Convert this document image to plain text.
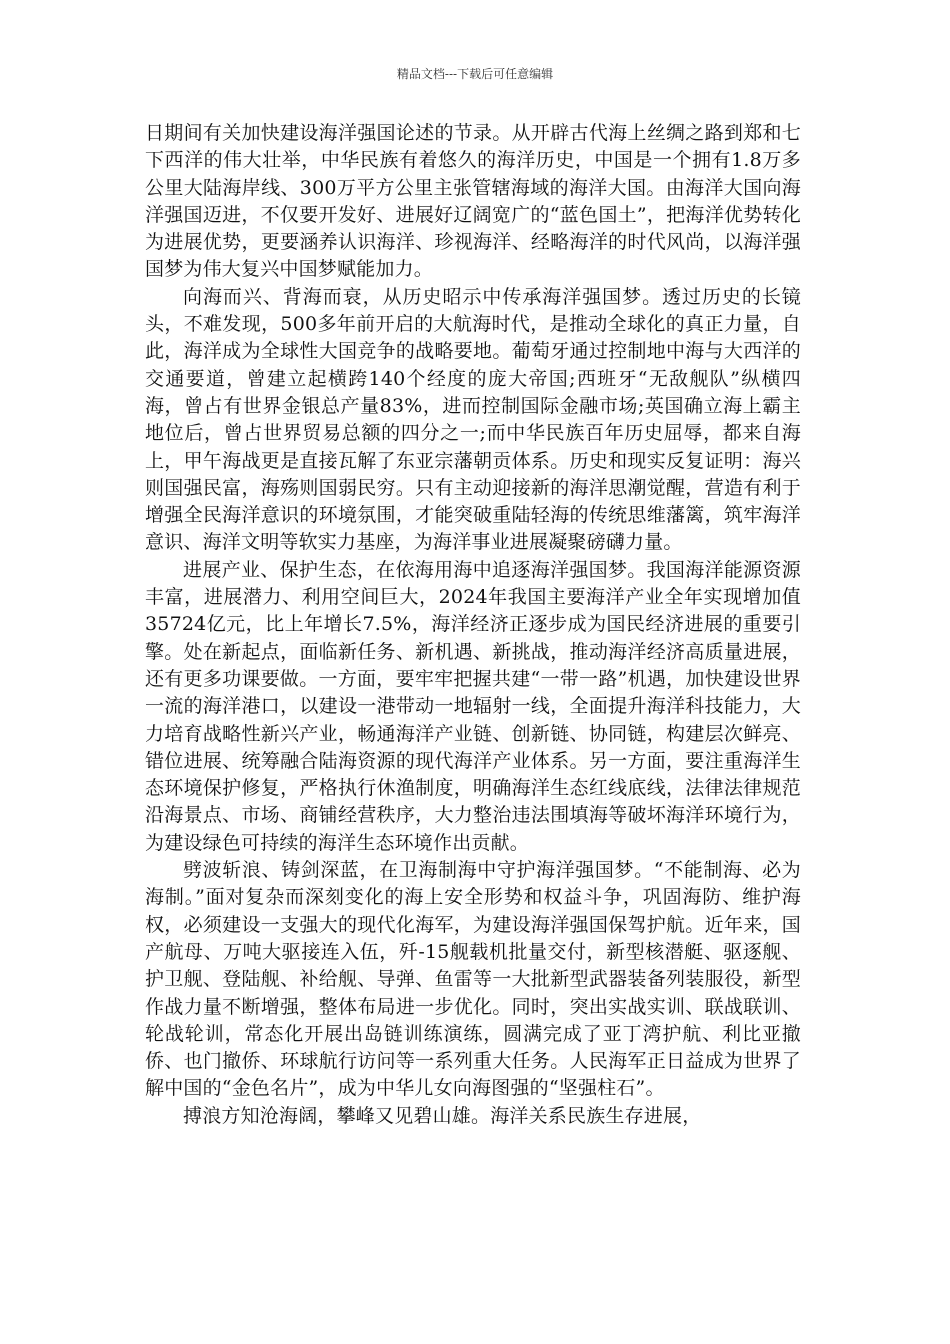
精品文档---下载后可任意编辑

日期间有关加快建设海洋强国论述的节录。从开辟古代海上丝绸之路到郑和七下西洋的伟大壮举，中华民族有着悠久的海洋历史，中国是一个拥有1.8万多公里大陆海岸线、300万平方公里主张管辖海域的海洋大国。由海洋大国向海洋强国迈进，不仅要开发好、进展好辽阔宽广的“蓝色国土”，把海洋优势转化为进展优势，更要涵养认识海洋、珍视海洋、经略海洋的时代风尚，以海洋强国梦为伟大复兴中国梦赋能加力。

向海而兴、背海而衰，从历史昭示中传承海洋强国梦。透过历史的长镜头，不难发现，500多年前开启的大航海时代，是推动全球化的真正力量，自此，海洋成为全球性大国竞争的战略要地。葡萄牙通过控制地中海与大西洋的交通要道，曾建立起横跨140个经度的庞大帝国;西班牙“无敌舰队”纵横四海，曾占有世界金银总产量83%，进而控制国际金融市场;英国确立海上霸主地位后，曾占世界贸易总额的四分之一;而中华民族百年历史屈辱，都来自海上，甲午海战更是直接瓦解了东亚宗藩朝贡体系。历史和现实反复证明：海兴则国强民富，海殇则国弱民穷。只有主动迎接新的海洋思潮觉醒，营造有利于增强全民海洋意识的环境氛围，才能突破重陆轻海的传统思维藩篱，筑牢海洋意识、海洋文明等软实力基座，为海洋事业进展凝聚磅礴力量。

进展产业、保护生态，在依海用海中追逐海洋强国梦。我国海洋能源资源丰富，进展潜力、利用空间巨大，2024年我国主要海洋产业全年实现增加值35724亿元，比上年增长7.5%，海洋经济正逐步成为国民经济进展的重要引擎。处在新起点，面临新任务、新机遇、新挑战，推动海洋经济高质量进展，还有更多功课要做。一方面，要牢牢把握共建“一带一路”机遇，加快建设世界一流的海洋港口，以建设一港带动一地辐射一线，全面提升海洋科技能力，大力培育战略性新兴产业，畅通海洋产业链、创新链、协同链，构建层次鲜亮、错位进展、统筹融合陆海资源的现代海洋产业体系。另一方面，要注重海洋生态环境保护修复，严格执行休渔制度，明确海洋生态红线底线，法律法律规范沿海景点、市场、商铺经营秩序，大力整治违法围填海等破坏海洋环境行为，为建设绿色可持续的海洋生态环境作出贡献。

劈波斩浪、铸剑深蓝，在卫海制海中守护海洋强国梦。“不能制海、必为海制。”面对复杂而深刻变化的海上安全形势和权益斗争，巩固海防、维护海权，必须建设一支强大的现代化海军，为建设海洋强国保驾护航。近年来，国产航母、万吨大驱接连入伍，歼-15舰载机批量交付，新型核潜艇、驱逐舰、护卫舰、登陆舰、补给舰、导弹、鱼雷等一大批新型武器装备列装服役，新型作战力量不断增强，整体布局进一步优化。同时，突出实战实训、联战联训、轮战轮训，常态化开展出岛链训练演练，圆满完成了亚丁湾护航、利比亚撤侨、也门撤侨、环球航行访问等一系列重大任务。人民海军正日益成为世界了解中国的“金色名片”，成为中华儿女向海图强的“坚强柱石”。

搏浪方知沧海阔，攀峰又见碧山雄。海洋关系民族生存进展，
